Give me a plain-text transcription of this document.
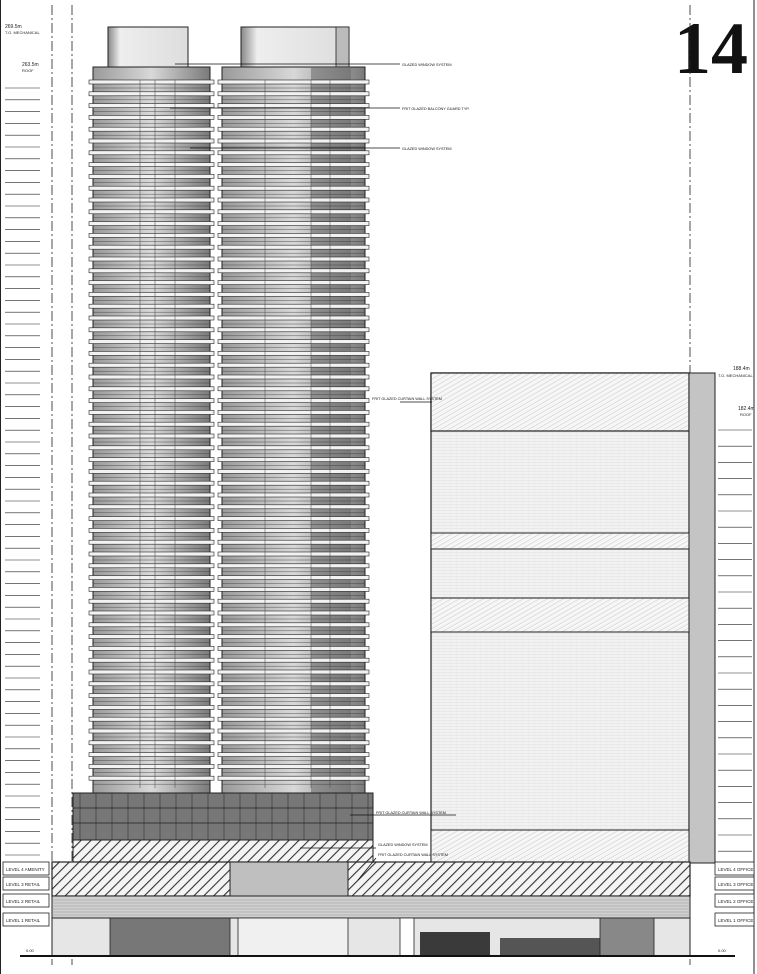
14
269.5m
T.O. MECHANICAL
263.5m
ROOF
188.4m
T.O. MECHANICAL
182.4m
ROOF
0.00	0.00
LEVEL 4 OFFICE
LEVEL 3 OFFICE
LEVEL 2 OFFICE
LEVEL 1 OFFICE
LEVEL 4 AMENITY
LEVEL 3 RETAIL
LEVEL 2 RETAIL
LEVEL 1 RETAIL
GLAZED WINDOW SYSTEM
FRIT GLAZED BALCONY GUARD TYP.
GLAZED WINDOW SYSTEM
FRIT GLAZED CURTAIN WALL SYSTEM
FRIT GLAZED CURTAIN WALL SYSTEM
GLAZED WINDOW SYSTEM
FRIT GLAZED CURTAIN WALL SYSTEM
